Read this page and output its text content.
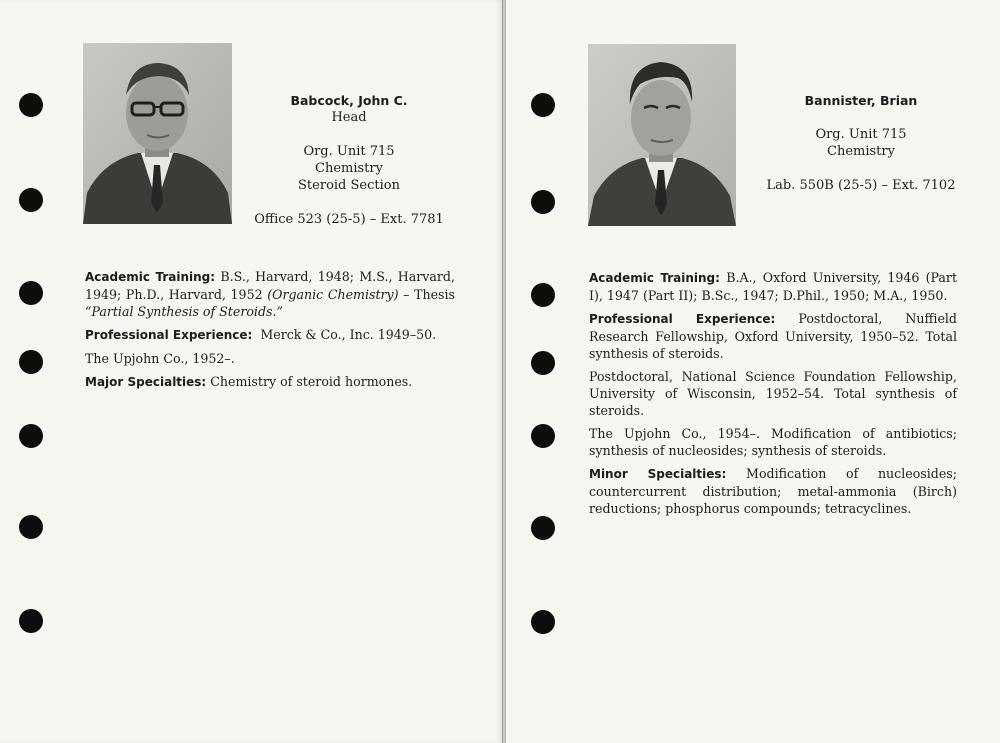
Babcock, John C.
Head
Org. Unit 715
Chemistry
Steroid Section
Office 523 (25-5) – Ext. 7781

Academic Training: B.S., Harvard, 1948; M.S., Harvard, 1949; Ph.D., Harvard, 1952 (Organic Chemistry) – Thesis “Partial Synthesis of Steroids.”

Professional Experience: Merck & Co., Inc. 1949–50.

The Upjohn Co., 1952–.

Major Specialties: Chemistry of steroid hormones.

Bannister, Brian
Org. Unit 715
Chemistry
Lab. 550B (25-5) – Ext. 7102

Academic Training: B.A., Oxford University, 1946 (Part I), 1947 (Part II); B.Sc., 1947; D.Phil., 1950; M.A., 1950.

Professional Experience: Postdoctoral, Nuffield Research Fellowship, Oxford University, 1950–52. Total synthesis of steroids.

Postdoctoral, National Science Foundation Fellowship, University of Wisconsin, 1952–54. Total synthesis of steroids.

The Upjohn Co., 1954–. Modification of antibiotics; synthesis of nucleosides; synthesis of steroids.

Minor Specialties: Modification of nucleosides; countercurrent distribution; metal-ammonia (Birch) reductions; phosphorus compounds; tetracyclines.
